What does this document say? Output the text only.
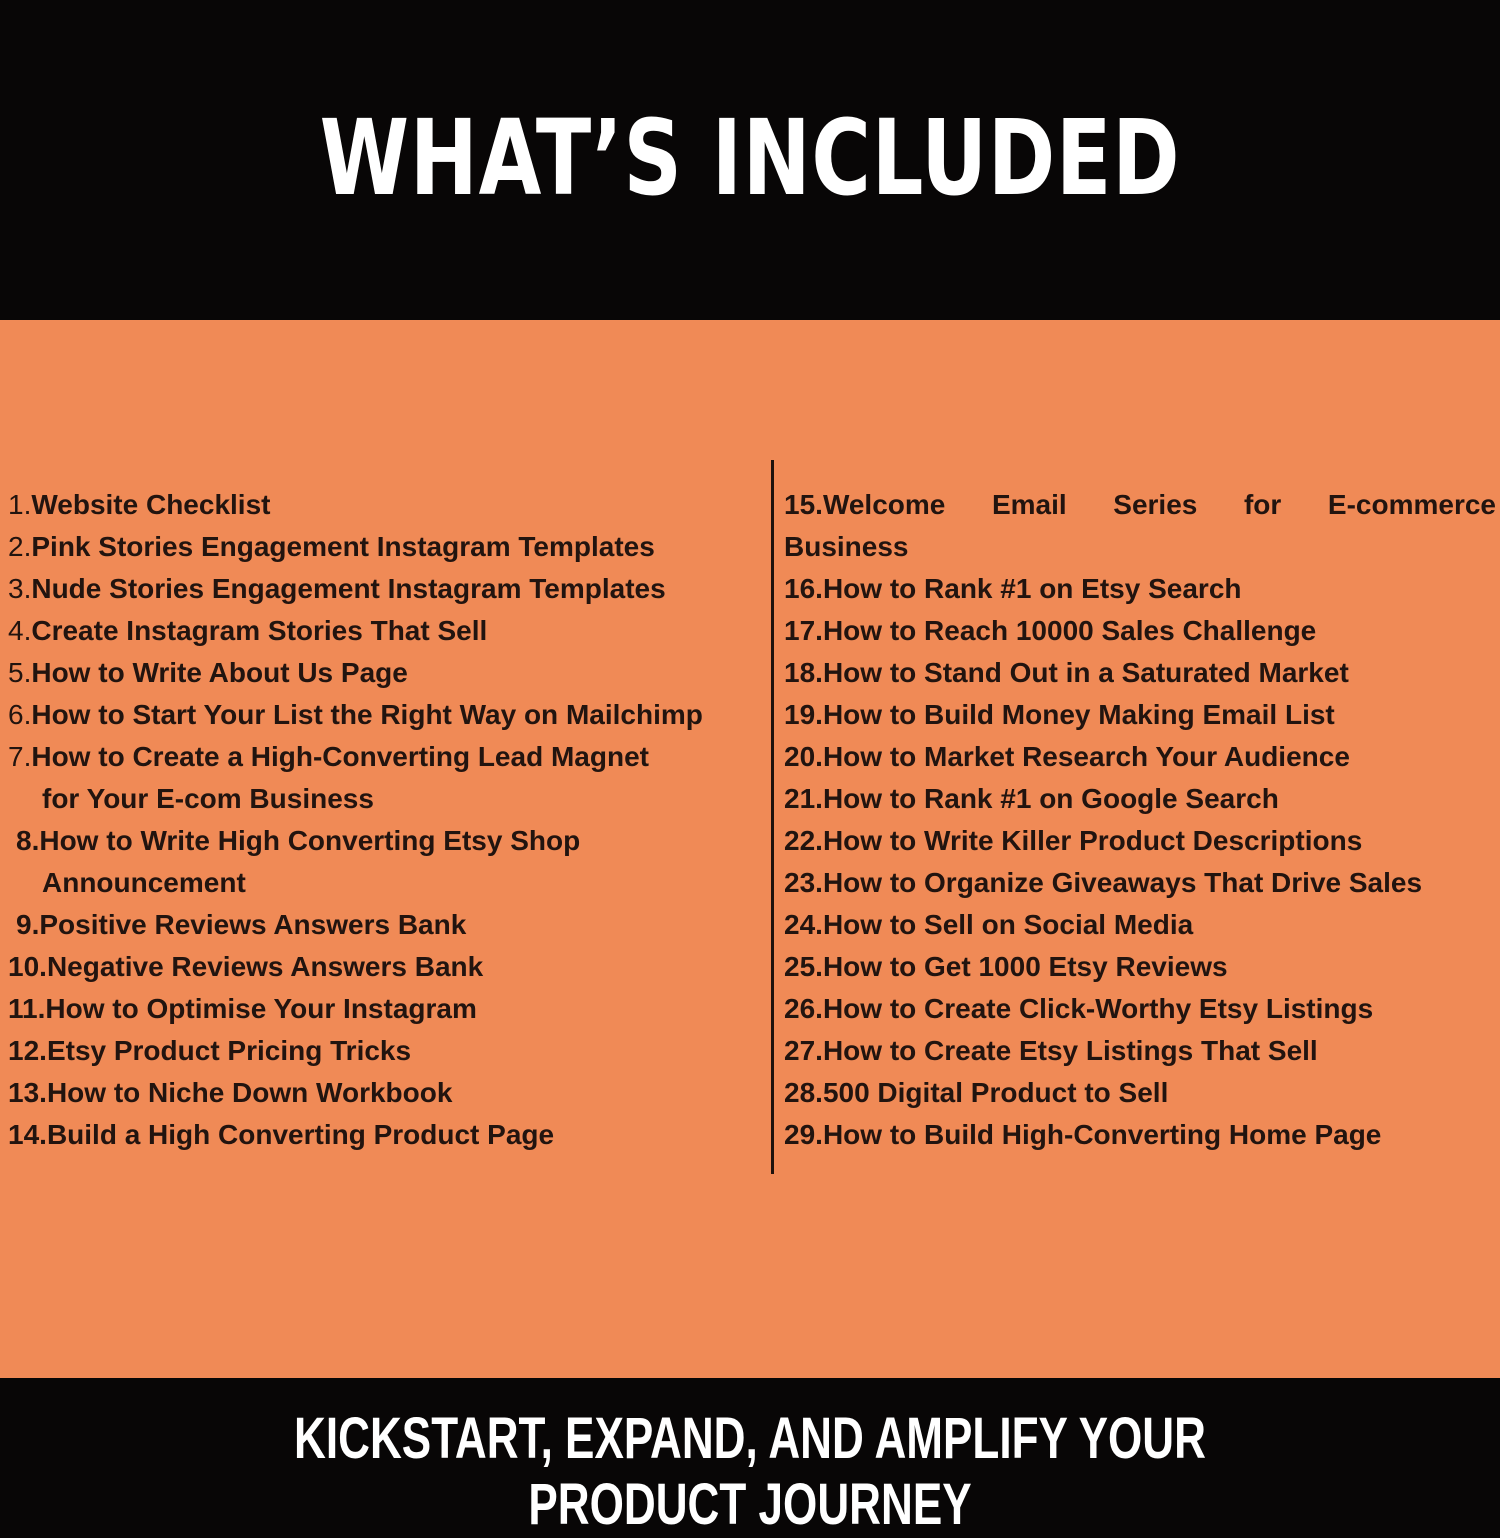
WHAT’S INCLUDED
1.Website Checklist
2.Pink Stories Engagement Instagram Templates
3.Nude Stories Engagement Instagram Templates
4.Create Instagram Stories That Sell
5.How to Write About Us Page
6.How to Start Your List the Right Way on Mailchimp
7.How to Create a High-Converting Lead Magnet
for Your E-com Business
8.How to Write High Converting Etsy Shop
Announcement
9.Positive Reviews Answers Bank
10.Negative Reviews Answers Bank
11.How to Optimise Your Instagram
12.Etsy Product Pricing Tricks
13.How to Niche Down Workbook
14.Build a High Converting Product Page
15.Welcome Email Series for E-commerce
Business
16.How to Rank #1 on Etsy Search
17.How to Reach 10000 Sales Challenge
18.How to Stand Out in a Saturated Market
19.How to Build Money Making Email List
20.How to Market Research Your Audience
21.How to Rank #1 on Google Search
22.How to Write Killer Product Descriptions
23.How to Organize Giveaways That Drive Sales
24.How to Sell on Social Media
25.How to Get 1000 Etsy Reviews
26.How to Create Click-Worthy Etsy Listings
27.How to Create Etsy Listings That Sell
28.500 Digital Product to Sell
29.How to Build High-Converting Home Page
KICKSTART, EXPAND, AND AMPLIFY YOUR PRODUCT JOURNEY
